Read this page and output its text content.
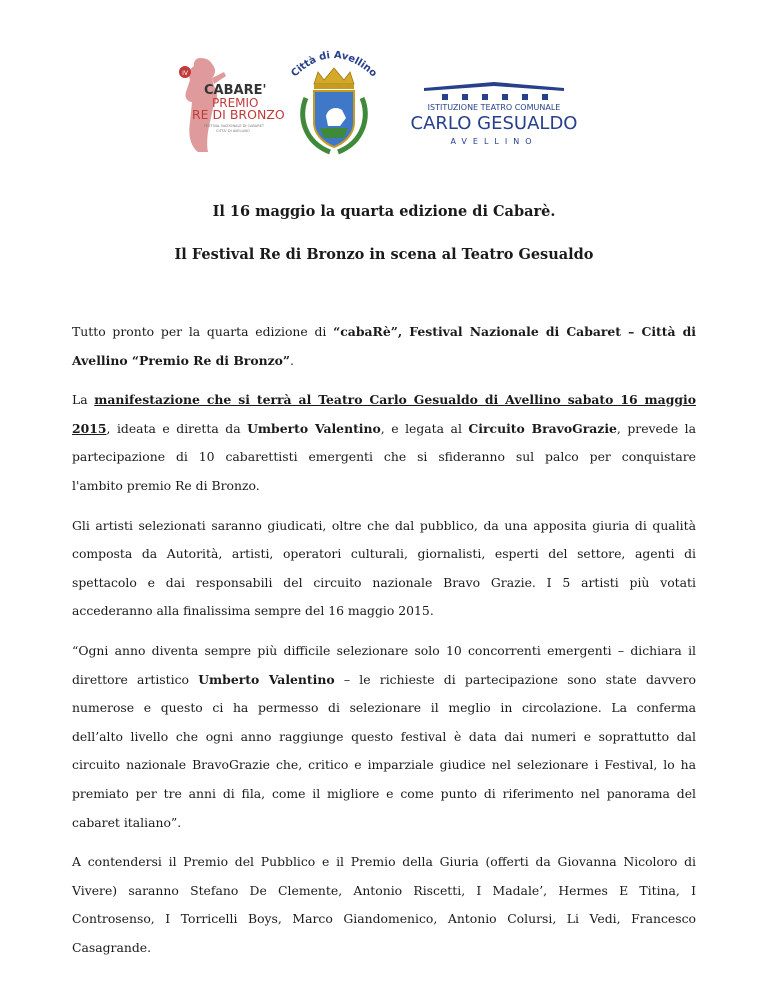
IV
CABARE'
PREMIO
RE DI BRONZO
FESTIVAL NAZIONALE DI CABARET
CITTA' DI AVELLINO
Città di Avellino
ISTITUZIONE TEATRO COMUNALE
CARLO GESUALDO
AVELLINO
Il 16 maggio la quarta edizione di Cabarè.
Il Festival Re di Bronzo in scena al Teatro Gesualdo
Tutto pronto per la quarta edizione di “cabaRè”, Festival Nazionale di Cabaret – Città di
Avellino “Premio Re di Bronzo”.
La manifestazione che si terrà al Teatro Carlo Gesualdo di Avellino sabato 16 maggio
2015, ideata e diretta da Umberto Valentino, e legata al Circuito BravoGrazie, prevede la
partecipazione di 10 cabarettisti emergenti che si sfideranno sul palco per conquistare
l'ambito premio Re di Bronzo.
Gli artisti selezionati saranno giudicati, oltre che dal pubblico, da una apposita giuria di qualità
composta da Autorità, artisti, operatori culturali, giornalisti, esperti del settore, agenti di
spettacolo e dai responsabili del circuito nazionale Bravo Grazie. I 5 artisti più votati
accederanno alla finalissima sempre del 16 maggio 2015.
“Ogni anno diventa sempre più difficile selezionare solo 10 concorrenti emergenti – dichiara il
direttore artistico Umberto Valentino – le richieste di partecipazione sono state davvero
numerose e questo ci ha permesso di selezionare il meglio in circolazione. La conferma
dell’alto livello che ogni anno raggiunge questo festival è data dai numeri e soprattutto dal
circuito nazionale BravoGrazie che, critico e imparziale giudice nel selezionare i Festival, lo ha
premiato per tre anni di fila, come il migliore e come punto di riferimento nel panorama del
cabaret italiano”.
A contendersi il Premio del Pubblico e il Premio della Giuria (offerti da Giovanna Nicoloro di
Vivere) saranno Stefano De Clemente, Antonio Riscetti, I Madale’, Hermes E Titina, I
Controsenso, I Torricelli Boys, Marco Giandomenico, Antonio Colursi, Li Vedi, Francesco
Casagrande.
